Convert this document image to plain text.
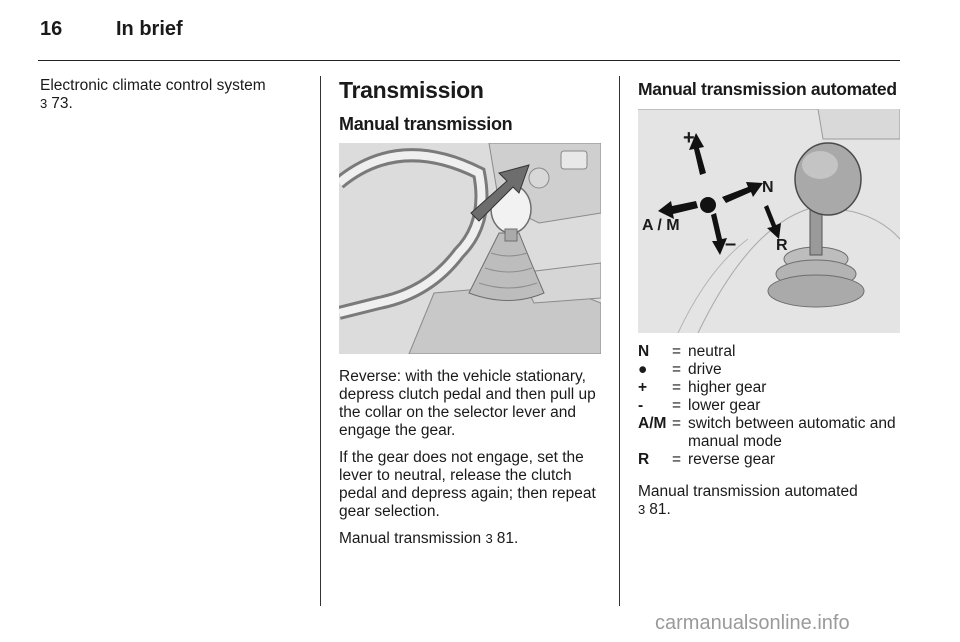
16	In brief

Electronic climate control system
3 73.

Transmission
Manual transmission

Reverse: with the vehicle stationary, depress clutch pedal and then pull up the collar on the selector lever and engage the gear.

If the gear does not engage, set the lever to neutral, release the clutch pedal and depress again; then repeat gear selection.

Manual transmission 3 81.

Manual transmission automated
+
–
A / M
N
R
N	=	neutral
●	=	drive
+	=	higher gear
-	=	lower gear
A/M	=	switch between automatic and manual mode
R	=	reverse gear

Manual transmission automated
3 81.

carmanualsonline.info
